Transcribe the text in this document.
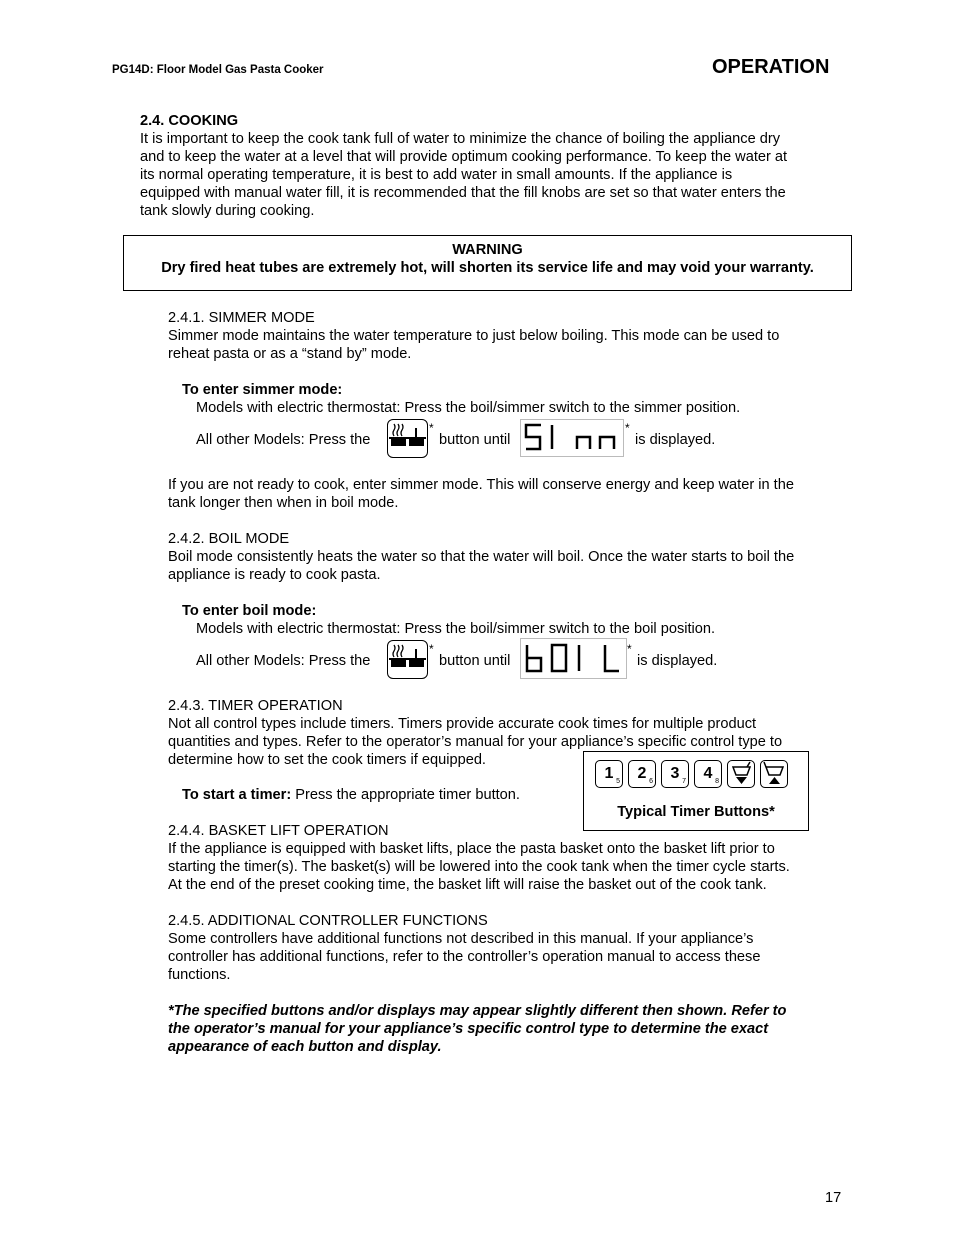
PG14D: Floor Model Gas Pasta Cooker	OPERATION
2.4. COOKING
It is important to keep the cook tank full of water to minimize the chance of boiling the appliance dry
and to keep the water at a level that will provide optimum cooking performance. To keep the water at
its normal operating temperature, it is best to add water in small amounts. If the appliance is
equipped with manual water fill, it is recommended that the fill knobs are set so that water enters the
tank slowly during cooking.
WARNING
Dry fired heat tubes are extremely hot, will shorten its service life and may void your warranty.
2.4.1. SIMMER MODE
Simmer mode maintains the water temperature to just below boiling. This mode can be used to
reheat pasta or as a “stand by” mode.
To enter simmer mode:
Models with electric thermostat: Press the boil/simmer switch to the simmer position.
All other Models: Press the
*
button until
*
is displayed.
If you are not ready to cook, enter simmer mode. This will conserve energy and keep water in the
tank longer then when in boil mode.
2.4.2. BOIL MODE
Boil mode consistently heats the water so that the water will boil. Once the water starts to boil the
appliance is ready to cook pasta.
To enter boil mode:
Models with electric thermostat: Press the boil/simmer switch to the boil position.
All other Models: Press the
*
button until
*
is displayed.
2.4.3. TIMER OPERATION
Not all control types include timers. Timers provide accurate cook times for multiple product
quantities and types. Refer to the operator’s manual for your appliance’s specific control type to
determine how to set the cook timers if equipped.
To start a timer: Press the appropriate timer button.
1 5	2 6	3 7	4 8
Typical Timer Buttons*
2.4.4. BASKET LIFT OPERATION
If the appliance is equipped with basket lifts, place the pasta basket onto the basket lift prior to
starting the timer(s). The basket(s) will be lowered into the cook tank when the timer cycle starts.
At the end of the preset cooking time, the basket lift will raise the basket out of the cook tank.
2.4.5. ADDITIONAL CONTROLLER FUNCTIONS
Some controllers have additional functions not described in this manual. If your appliance’s
controller has additional functions, refer to the controller’s operation manual to access these
functions.
*The specified buttons and/or displays may appear slightly different then shown. Refer to
the operator’s manual for your appliance’s specific control type to determine the exact
appearance of each button and display.
17
